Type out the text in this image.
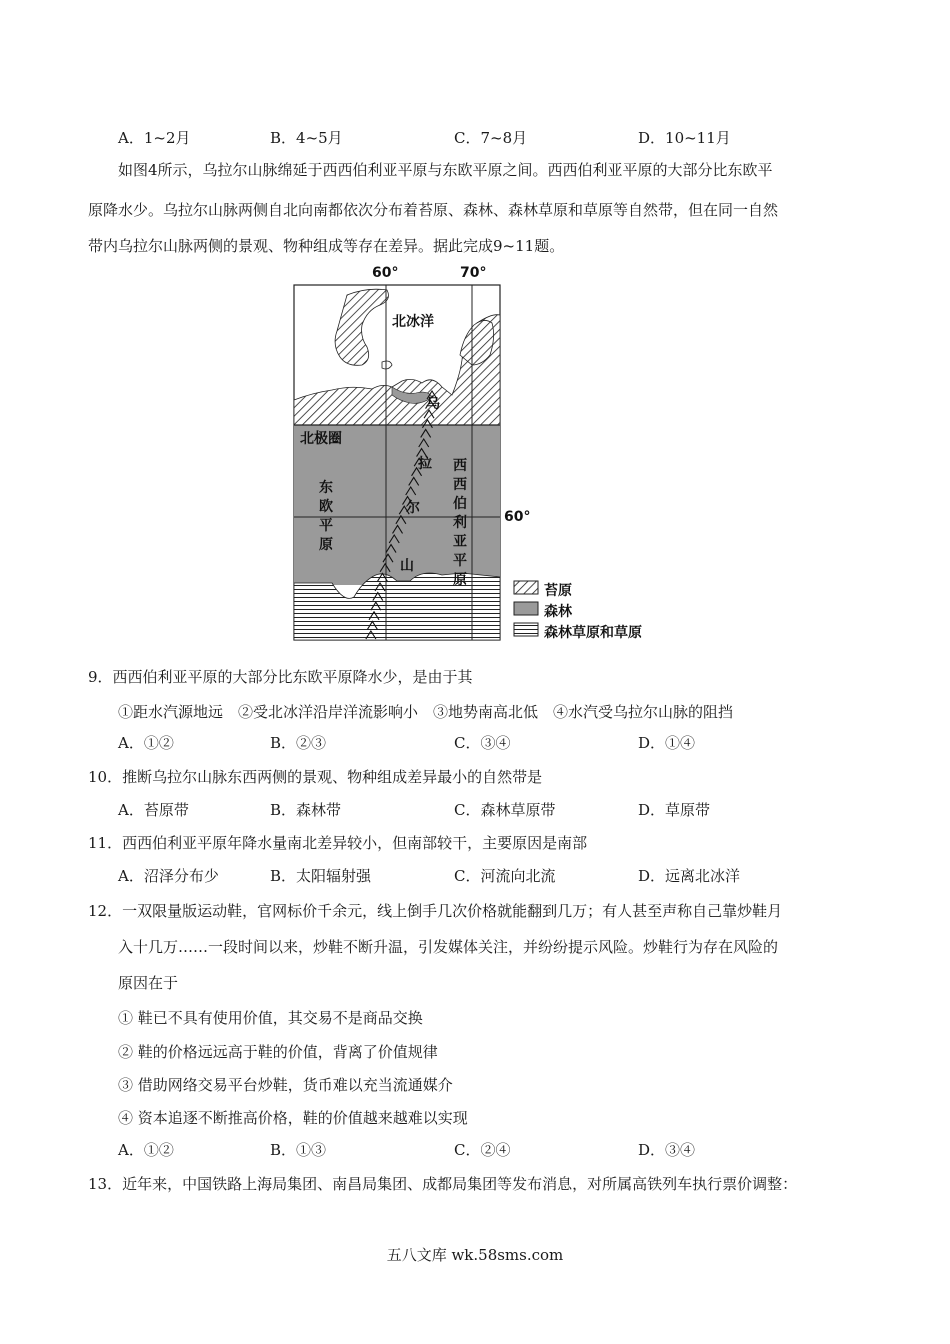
A．1~2月	B．4~5月	C．7~8月	D．10~11月
如图4所示，乌拉尔山脉绵延于西西伯利亚平原与东欧平原之间。西西伯利亚平原的大部分比东欧平
原降水少。乌拉尔山脉两侧自北向南都依次分布着苔原、森林、森林草原和草原等自然带，但在同一自然
带内乌拉尔山脉两侧的景观、物种组成等存在差异。据此完成9~11题。
60°	70°
60°
北冰洋
北极圈
东欧平原
西西伯利亚平原
乌
拉
尔
山
苔原
森林
森林草原和草原
9．西西伯利亚平原的大部分比东欧平原降水少，是由于其
①距水汽源地远　②受北冰洋沿岸洋流影响小　③地势南高北低　④水汽受乌拉尔山脉的阻挡
A．①②	B．②③	C．③④	D．①④
10．推断乌拉尔山脉东西两侧的景观、物种组成差异最小的自然带是
A．苔原带	B．森林带	C．森林草原带	D．草原带
11．西西伯利亚平原年降水量南北差异较小，但南部较干，主要原因是南部
A．沼泽分布少	B．太阳辐射强	C．河流向北流	D．远离北冰洋
12．一双限量版运动鞋，官网标价千余元，线上倒手几次价格就能翻到几万；有人甚至声称自己靠炒鞋月
入十几万……一段时间以来，炒鞋不断升温，引发媒体关注，并纷纷提示风险。炒鞋行为存在风险的
原因在于
① 鞋已不具有使用价值，其交易不是商品交换
② 鞋的价格远远高于鞋的价值，背离了价值规律
③ 借助网络交易平台炒鞋，货币难以充当流通媒介
④ 资本追逐不断推高价格，鞋的价值越来越难以实现
A．①②	B．①③	C．②④	D．③④
13．近年来，中国铁路上海局集团、南昌局集团、成都局集团等发布消息，对所属高铁列车执行票价调整：
五八文库 wk.58sms.com
